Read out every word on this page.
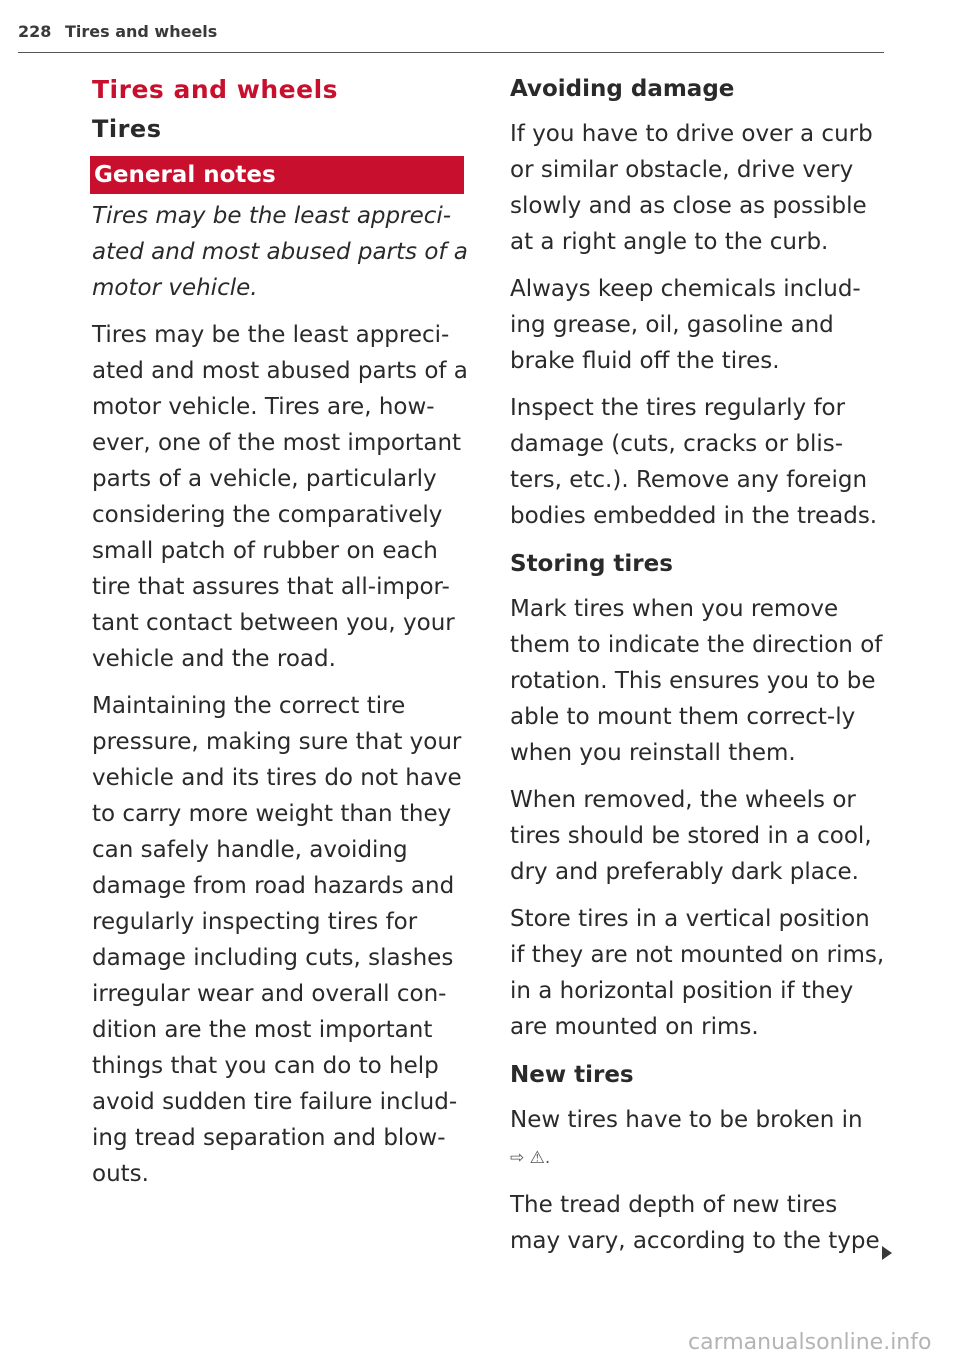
228 Tires and wheels
Tires and wheels
Tires
General notes

Tires may be the least appreci-ated and most abused parts of a motor vehicle.

Tires may be the least appreci-ated and most abused parts of a motor vehicle. Tires are, how-ever, one of the most important parts of a vehicle, particularly considering the comparatively small patch of rubber on each tire that assures that all-impor-tant contact between you, your vehicle and the road.

Maintaining the correct tire pressure, making sure that your vehicle and its tires do not have to carry more weight than they can safely handle, avoiding damage from road hazards and regularly inspecting tires for damage including cuts, slashes irregular wear and overall con-dition are the most important things that you can do to help avoid sudden tire failure includ-ing tread separation and blow-outs.

Avoiding damage

If you have to drive over a curb or similar obstacle, drive very slowly and as close as possible at a right angle to the curb.

Always keep chemicals includ-ing grease, oil, gasoline and brake fluid off the tires.

Inspect the tires regularly for damage (cuts, cracks or blis-ters, etc.). Remove any foreign bodies embedded in the treads.

Storing tires

Mark tires when you remove them to indicate the direction of rotation. This ensures you to be able to mount them correct-ly when you reinstall them.

When removed, the wheels or tires should be stored in a cool, dry and preferably dark place.

Store tires in a vertical position if they are not mounted on rims, in a horizontal position if they are mounted on rims.

New tires

New tires have to be broken in
⇨ ⚠.

The tread depth of new tires may vary, according to the type

carmanualsonline.info
